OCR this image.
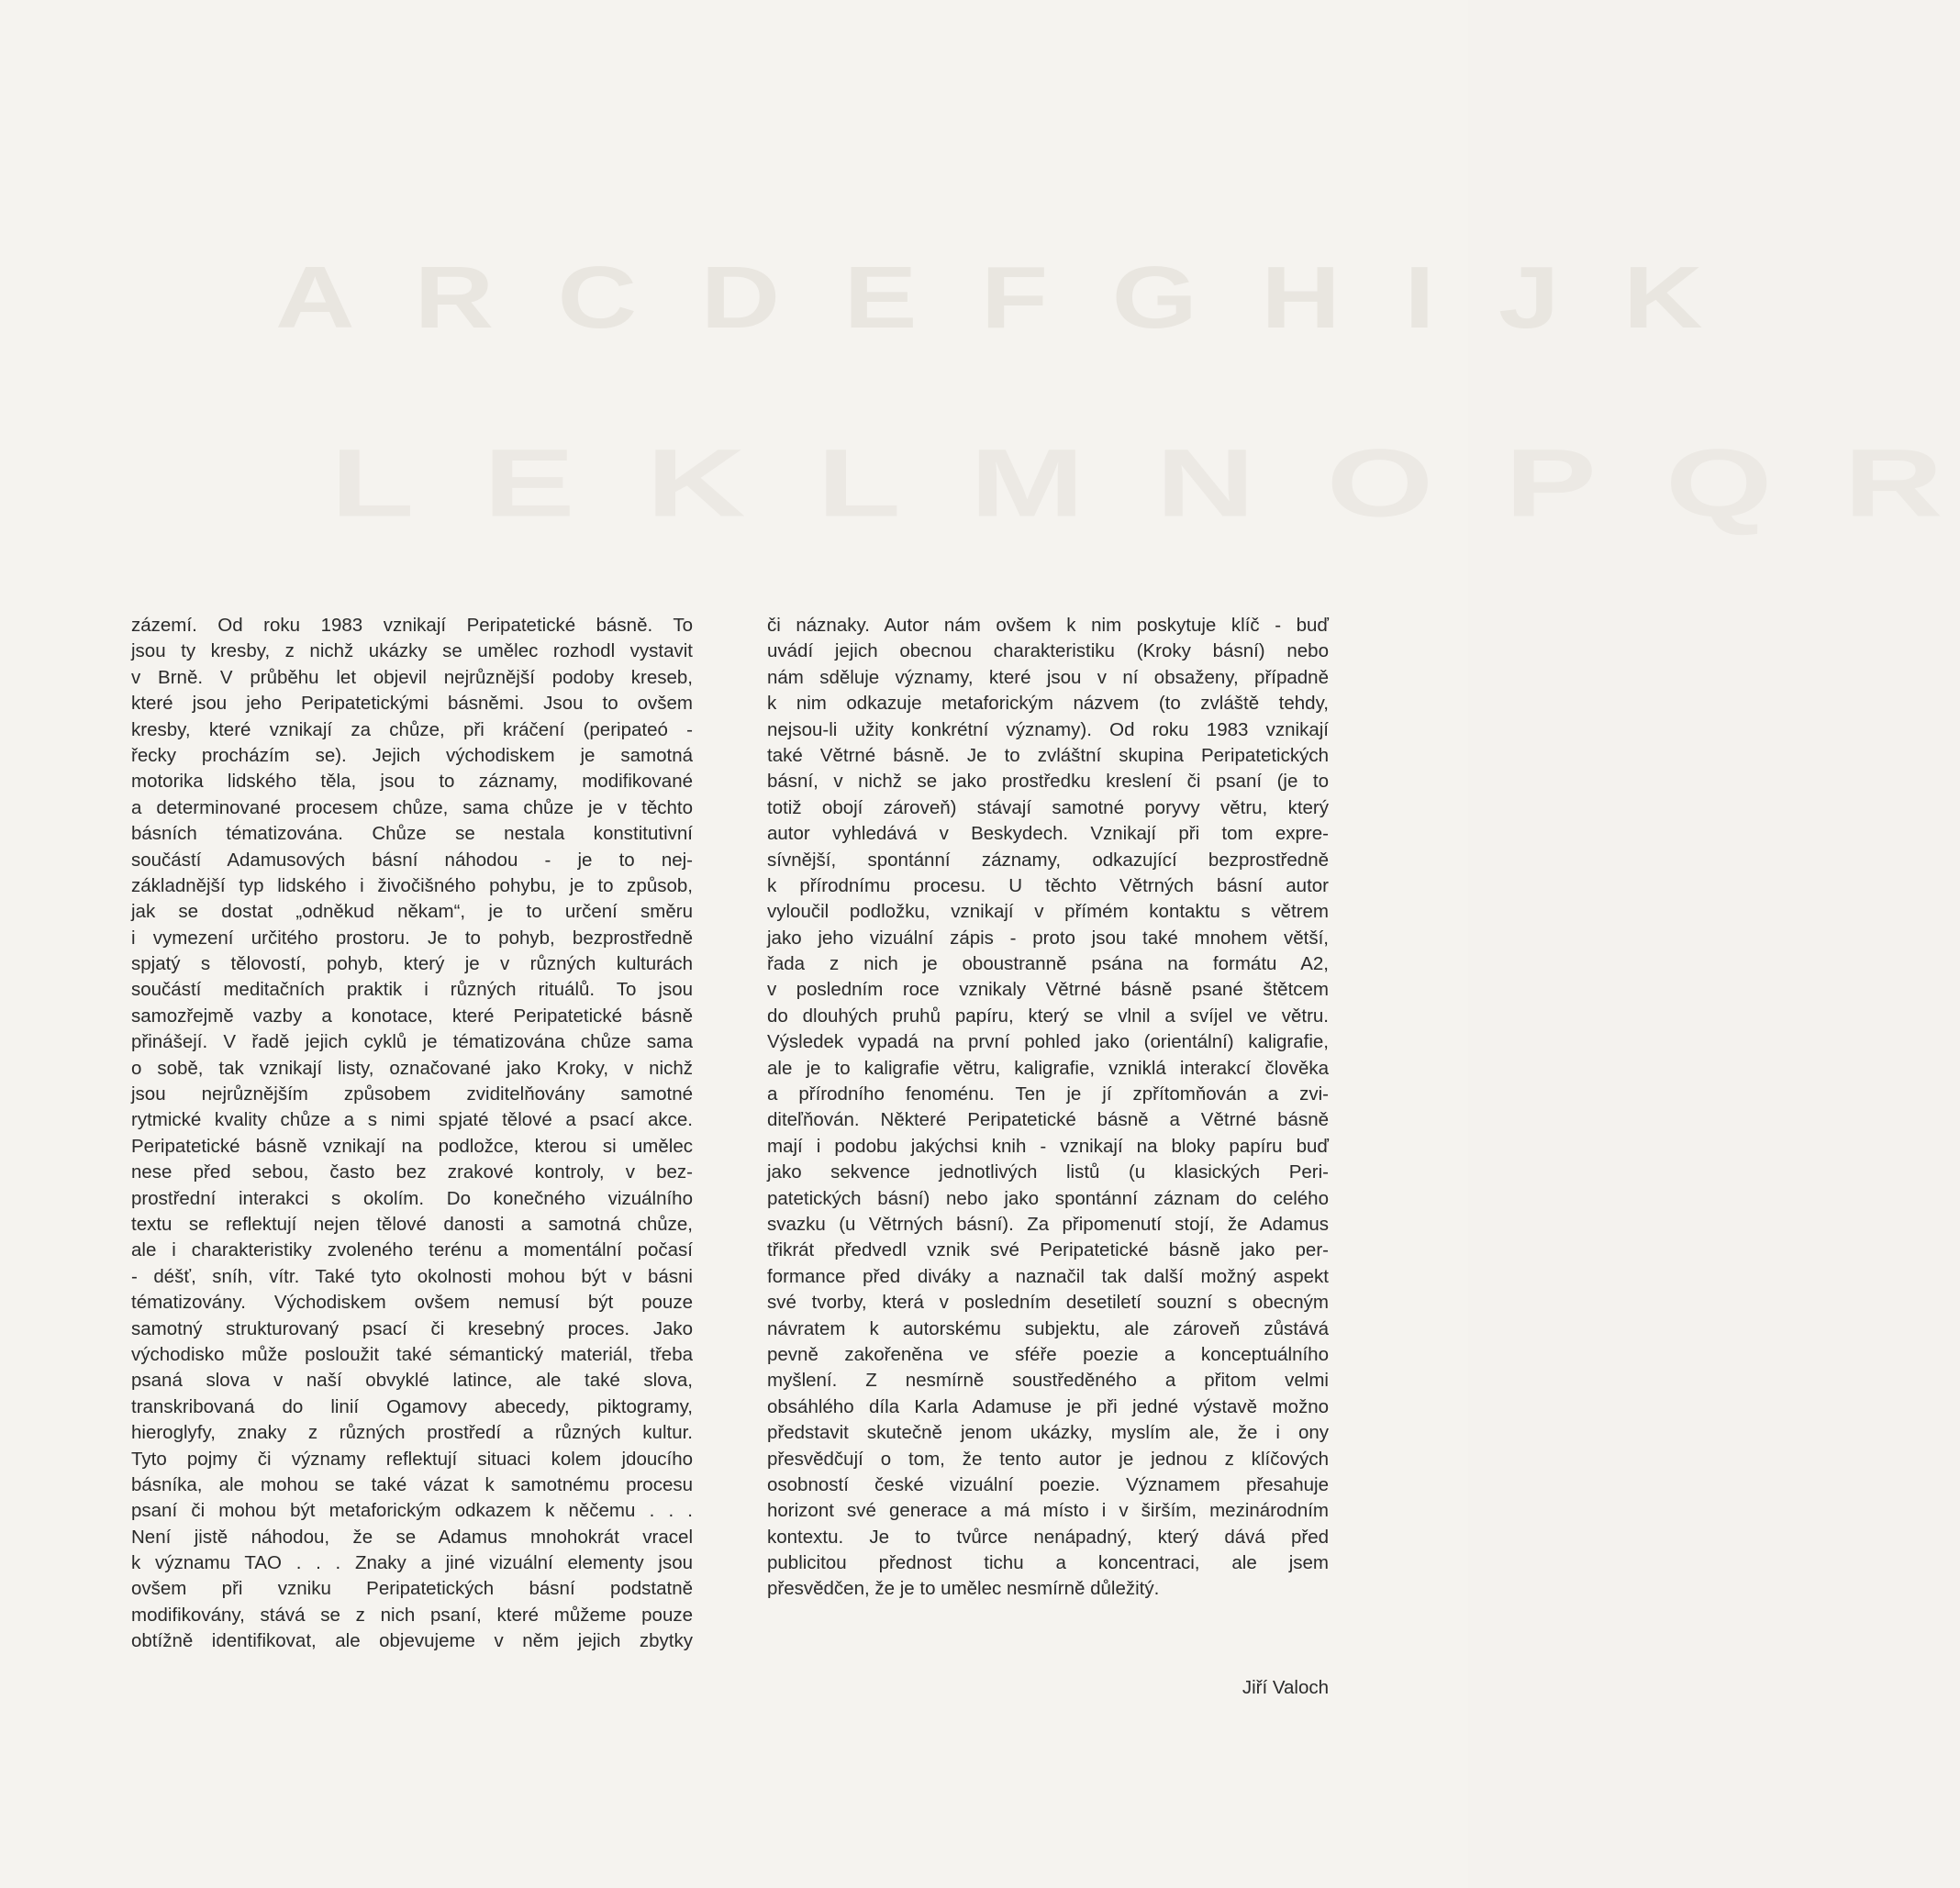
A R C D E F G H I J K
L E K L M N O P Q R
zázemí. Od roku 1983 vznikají Peripatetické básně. To
jsou ty kresby, z nichž ukázky se umělec rozhodl vystavit
v Brně. V průběhu let objevil nejrůznější podoby kreseb,
které jsou jeho Peripatetickými básněmi. Jsou to ovšem
kresby, které vznikají za chůze, při kráčení (peripateó -
řecky procházím se). Jejich východiskem je samotná
motorika lidského těla, jsou to záznamy, modifikované
a determinované procesem chůze, sama chůze je v těchto
básních tématizována. Chůze se nestala konstitutivní
součástí Adamusových básní náhodou - je to nej-
základnější typ lidského i živočišného pohybu, je to způsob,
jak se dostat „odněkud někam“, je to určení směru
i vymezení určitého prostoru. Je to pohyb, bezprostředně
spjatý s tělovostí, pohyb, který je v různých kulturách
součástí meditačních praktik i různých rituálů. To jsou
samozřejmě vazby a konotace, které Peripatetické básně
přinášejí. V řadě jejich cyklů je tématizována chůze sama
o sobě, tak vznikají listy, označované jako Kroky, v nichž
jsou nejrůznějším způsobem zviditelňovány samotné
rytmické kvality chůze a s nimi spjaté tělové a psací akce.
Peripatetické básně vznikají na podložce, kterou si umělec
nese před sebou, často bez zrakové kontroly, v bez-
prostřední interakci s okolím. Do konečného vizuálního
textu se reflektují nejen tělové danosti a samotná chůze,
ale i charakteristiky zvoleného terénu a momentální počasí
- déšť, sníh, vítr. Také tyto okolnosti mohou být v básni
tématizovány. Východiskem ovšem nemusí být pouze
samotný strukturovaný psací či kresebný proces. Jako
východisko může posloužit také sémantický materiál, třeba
psaná slova v naší obvyklé latince, ale také slova,
transkribovaná do linií Ogamovy abecedy, piktogramy,
hieroglyfy, znaky z různých prostředí a různých kultur.
Tyto pojmy či významy reflektují situaci kolem jdoucího
básníka, ale mohou se také vázat k samotnému procesu
psaní či mohou být metaforickým odkazem k něčemu . . .
Není jistě náhodou, že se Adamus mnohokrát vracel
k významu TAO . . . Znaky a jiné vizuální elementy jsou
ovšem při vzniku Peripatetických básní podstatně
modifikovány, stává se z nich psaní, které můžeme pouze
obtížně identifikovat, ale objevujeme v něm jejich zbytky
či náznaky. Autor nám ovšem k nim poskytuje klíč - buď
uvádí jejich obecnou charakteristiku (Kroky básní) nebo
nám sděluje významy, které jsou v ní obsaženy, případně
k nim odkazuje metaforickým názvem (to zvláště tehdy,
nejsou-li užity konkrétní významy). Od roku 1983 vznikají
také Větrné básně. Je to zvláštní skupina Peripatetických
básní, v nichž se jako prostředku kreslení či psaní (je to
totiž obojí zároveň) stávají samotné poryvy větru, který
autor vyhledává v Beskydech. Vznikají při tom expre-
sívnější, spontánní záznamy, odkazující bezprostředně
k přírodnímu procesu. U těchto Větrných básní autor
vyloučil podložku, vznikají v přímém kontaktu s větrem
jako jeho vizuální zápis - proto jsou také mnohem větší,
řada z nich je oboustranně psána na formátu A2,
v posledním roce vznikaly Větrné básně psané štětcem
do dlouhých pruhů papíru, který se vlnil a svíjel ve větru.
Výsledek vypadá na první pohled jako (orientální) kaligrafie,
ale je to kaligrafie větru, kaligrafie, vzniklá interakcí člověka
a přírodního fenoménu. Ten je jí zpřítomňován a zvi-
diteľňován. Některé Peripatetické básně a Větrné básně
mají i podobu jakýchsi knih - vznikají na bloky papíru buď
jako sekvence jednotlivých listů (u klasických Peri-
patetických básní) nebo jako spontánní záznam do celého
svazku (u Větrných básní). Za připomenutí stojí, že Adamus
třikrát předvedl vznik své Peripatetické básně jako per-
formance před diváky a naznačil tak další možný aspekt
své tvorby, která v posledním desetiletí souzní s obecným
návratem k autorskému subjektu, ale zároveň zůstává
pevně zakořeněna ve sféře poezie a konceptuálního
myšlení. Z nesmírně soustředěného a přitom velmi
obsáhlého díla Karla Adamuse je při jedné výstavě možno
představit skutečně jenom ukázky, myslím ale, že i ony
přesvědčují o tom, že tento autor je jednou z klíčových
osobností české vizuální poezie. Významem přesahuje
horizont své generace a má místo i v širším, mezinárodním
kontextu. Je to tvůrce nenápadný, který dává před
publicitou přednost tichu a koncentraci, ale jsem
přesvědčen, že je to umělec nesmírně důležitý.
Jiří Valoch
